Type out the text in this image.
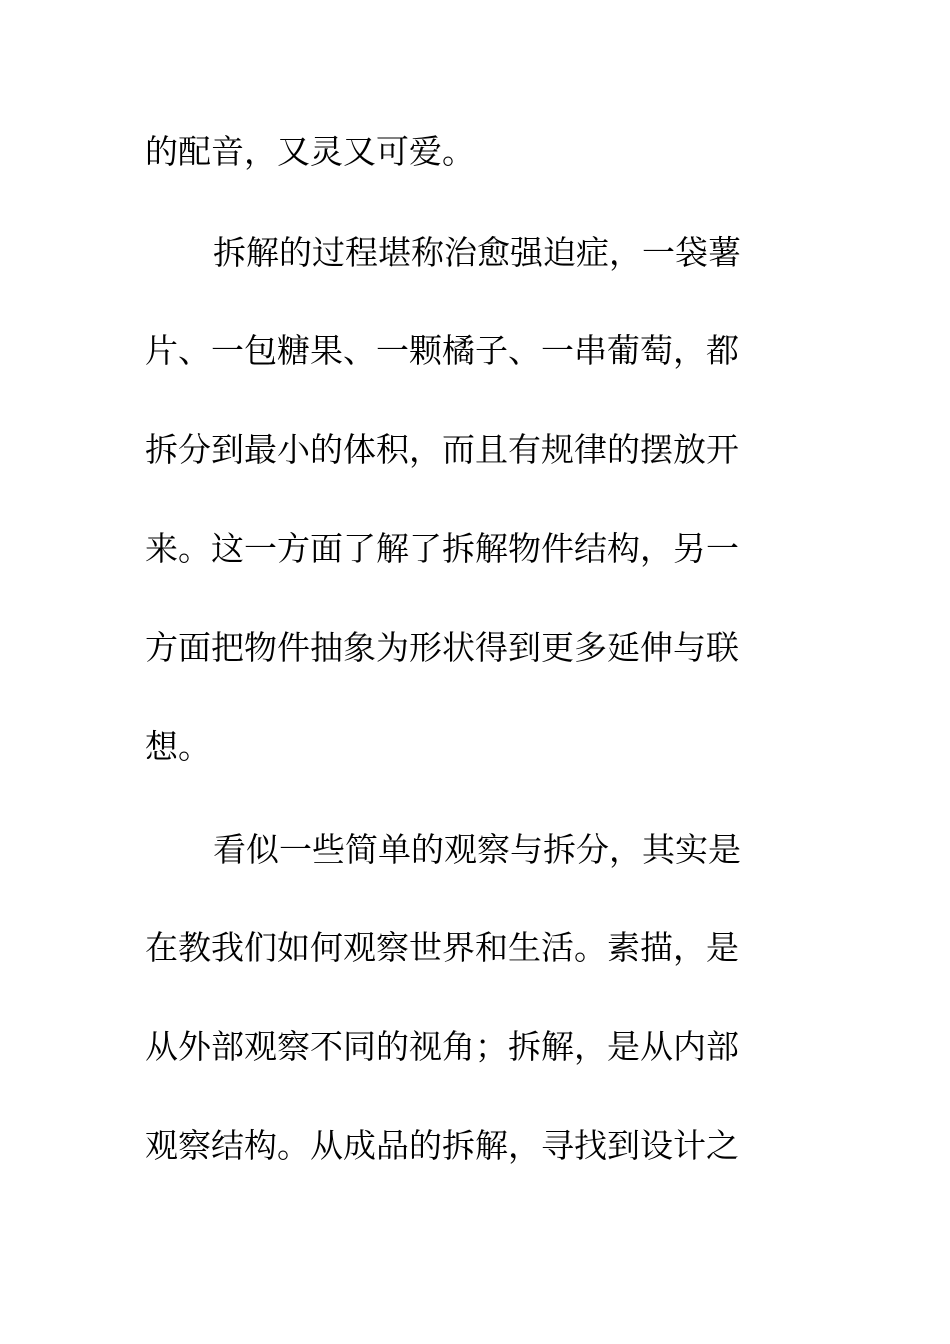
的配音，又灵又可爱。
拆解的过程堪称治愈强迫症，一袋薯
片、一包糖果、一颗橘子、一串葡萄，都
拆分到最小的体积，而且有规律的摆放开
来。这一方面了解了拆解物件结构，另一
方面把物件抽象为形状得到更多延伸与联
想。
看似一些简单的观察与拆分，其实是
在教我们如何观察世界和生活。素描，是
从外部观察不同的视角；拆解，是从内部
观察结构。从成品的拆解，寻找到设计之
